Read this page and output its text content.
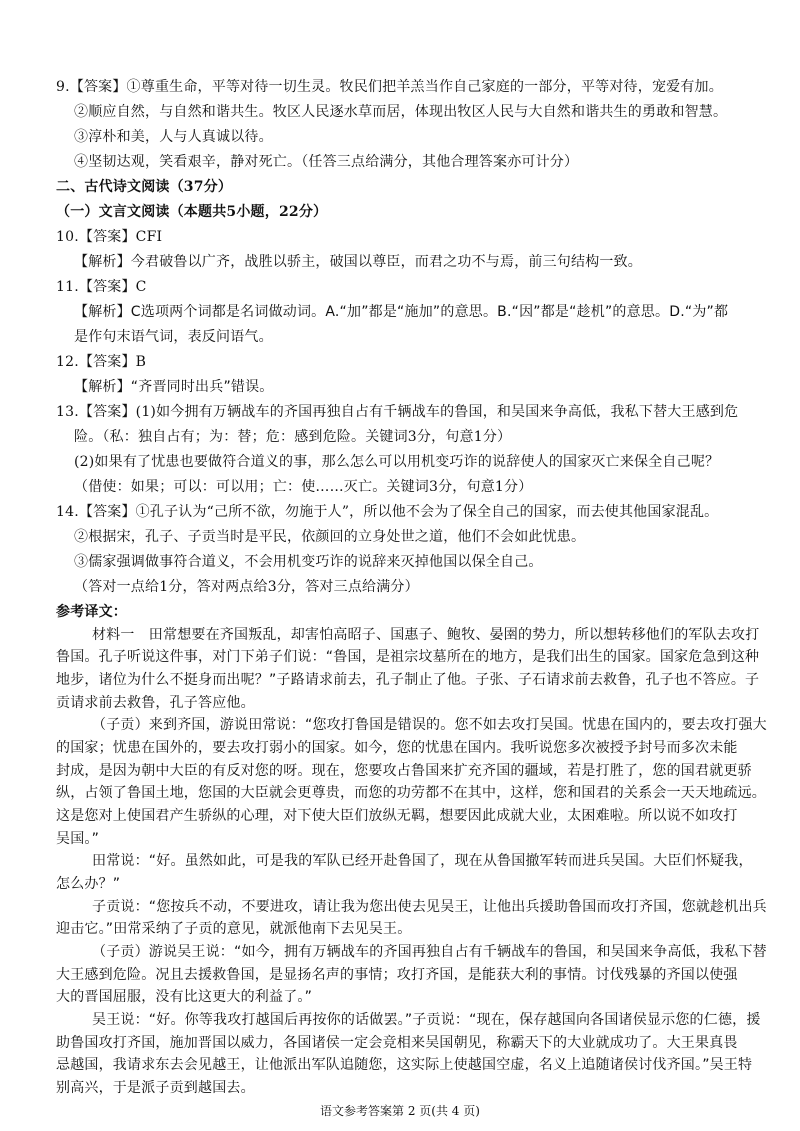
9.【答案】①尊重生命，平等对待一切生灵。牧民们把羊羔当作自己家庭的一部分，平等对待，宠爱有加。
②顺应自然，与自然和谐共生。牧区人民逐水草而居，体现出牧区人民与大自然和谐共生的勇敢和智慧。
③淳朴和美，人与人真诚以待。
④坚韧达观，笑看艰辛，静对死亡。（任答三点给满分，其他合理答案亦可计分）
二、古代诗文阅读（37分）
（一）文言文阅读（本题共5小题，22分）
10.【答案】CFI
【解析】今君破鲁以广齐，战胜以骄主，破国以尊臣，而君之功不与焉，前三句结构一致。
11.【答案】C
【解析】C选项两个词都是名词做动词。A.“加”都是“施加”的意思。B.“因”都是“趁机”的意思。D.“为”都
是作句末语气词，表反问语气。
12.【答案】B
【解析】“齐晋同时出兵”错误。
13.【答案】(1)如今拥有万辆战车的齐国再独自占有千辆战车的鲁国，和吴国来争高低，我私下替大王感到危
险。（私：独自占有；为：替；危：感到危险。关键词3分，句意1分）
(2)如果有了忧患也要做符合道义的事，那么怎么可以用机变巧诈的说辞使人的国家灭亡来保全自己呢？
（借使：如果；可以：可以用；亡：使……灭亡。关键词3分，句意1分）
14.【答案】①孔子认为“己所不欲，勿施于人”，所以他不会为了保全自己的国家，而去使其他国家混乱。
②根据宋，孔子、子贡当时是平民，依颜回的立身处世之道，他们不会如此忧患。
③儒家强调做事符合道义，不会用机变巧诈的说辞来灭掉他国以保全自己。
（答对一点给1分，答对两点给3分，答对三点给满分）
参考译文：
材料一　田常想要在齐国叛乱，却害怕高昭子、国惠子、鲍牧、晏圉的势力，所以想转移他们的军队去攻打
鲁国。孔子听说这件事，对门下弟子们说：“鲁国，是祖宗坟墓所在的地方，是我们出生的国家。国家危急到这种
地步，诸位为什么不挺身而出呢？”子路请求前去，孔子制止了他。子张、子石请求前去救鲁，孔子也不答应。子
贡请求前去救鲁，孔子答应他。
（子贡）来到齐国，游说田常说：“您攻打鲁国是错误的。您不如去攻打吴国。忧患在国内的，要去攻打强大
的国家；忧患在国外的，要去攻打弱小的国家。如今，您的忧患在国内。我听说您多次被授予封号而多次未能
封成，是因为朝中大臣的有反对您的呀。现在，您要攻占鲁国来扩充齐国的疆域，若是打胜了，您的国君就更骄
纵，占领了鲁国土地，您国的大臣就会更尊贵，而您的功劳都不在其中，这样，您和国君的关系会一天天地疏远。
这是您对上使国君产生骄纵的心理，对下使大臣们放纵无羁，想要因此成就大业，太困难啦。所以说不如攻打
吴国。”
田常说：“好。虽然如此，可是我的军队已经开赴鲁国了，现在从鲁国撤军转而进兵吴国。大臣们怀疑我，
怎么办？”
子贡说：“您按兵不动，不要进攻，请让我为您出使去见吴王，让他出兵援助鲁国而攻打齐国，您就趁机出兵
迎击它。”田常采纳了子贡的意见，就派他南下去见吴王。
（子贡）游说吴王说：“如今，拥有万辆战车的齐国再独自占有千辆战车的鲁国，和吴国来争高低，我私下替
大王感到危险。况且去援救鲁国，是显扬名声的事情；攻打齐国，是能获大利的事情。讨伐残暴的齐国以使强
大的晋国屈服，没有比这更大的利益了。”
吴王说：“好。你等我攻打越国后再按你的话做罢。”子贡说：“现在，保存越国向各国诸侯显示您的仁德，援
助鲁国攻打齐国，施加晋国以威力，各国诸侯一定会竞相来吴国朝见，称霸天下的大业就成功了。大王果真畏
忌越国，我请求东去会见越王，让他派出军队追随您，这实际上使越国空虚，名义上追随诸侯讨伐齐国。”吴王特
别高兴，于是派子贡到越国去。
语文参考答案第 2 页(共 4 页)
